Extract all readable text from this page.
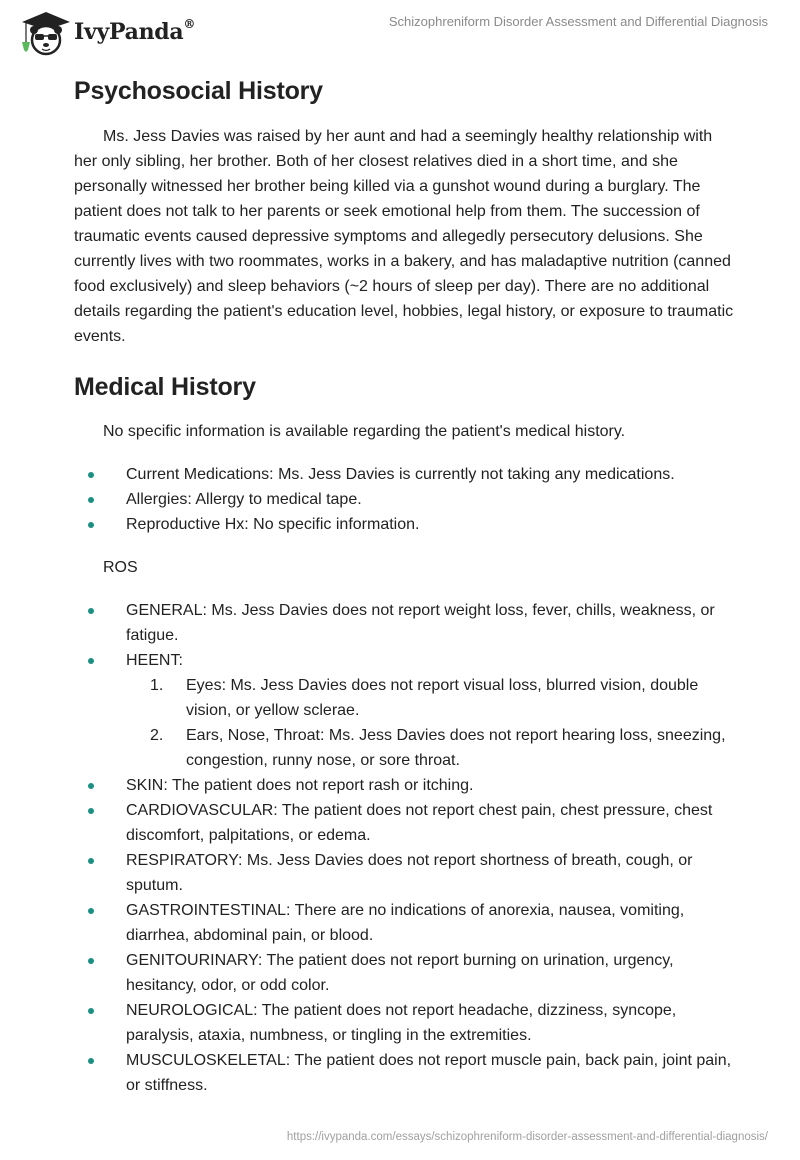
IvyPanda®	Schizophreniform Disorder Assessment and Differential Diagnosis
Psychosocial History

Ms. Jess Davies was raised by her aunt and had a seemingly healthy relationship with her only sibling, her brother. Both of her closest relatives died in a short time, and she personally witnessed her brother being killed via a gunshot wound during a burglary. The patient does not talk to her parents or seek emotional help from them. The succession of traumatic events caused depressive symptoms and allegedly persecutory delusions. She currently lives with two roommates, works in a bakery, and has maladaptive nutrition (canned food exclusively) and sleep behaviors (~2 hours of sleep per day). There are no additional details regarding the patient's education level, hobbies, legal history, or exposure to traumatic events.

Medical History

No specific information is available regarding the patient's medical history.

Current Medications: Ms. Jess Davies is currently not taking any medications.
Allergies: Allergy to medical tape.
Reproductive Hx: No specific information.

ROS

GENERAL: Ms. Jess Davies does not report weight loss, fever, chills, weakness, or fatigue.
HEENT:
1. Eyes: Ms. Jess Davies does not report visual loss, blurred vision, double vision, or yellow sclerae.
2. Ears, Nose, Throat: Ms. Jess Davies does not report hearing loss, sneezing, congestion, runny nose, or sore throat.
SKIN: The patient does not report rash or itching.
CARDIOVASCULAR: The patient does not report chest pain, chest pressure, chest discomfort, palpitations, or edema.
RESPIRATORY: Ms. Jess Davies does not report shortness of breath, cough, or sputum.
GASTROINTESTINAL: There are no indications of anorexia, nausea, vomiting, diarrhea, abdominal pain, or blood.
GENITOURINARY: The patient does not report burning on urination, urgency, hesitancy, odor, or odd color.
NEUROLOGICAL: The patient does not report headache, dizziness, syncope, paralysis, ataxia, numbness, or tingling in the extremities.
MUSCULOSKELETAL: The patient does not report muscle pain, back pain, joint pain, or stiffness.
https://ivypanda.com/essays/schizophreniform-disorder-assessment-and-differential-diagnosis/
